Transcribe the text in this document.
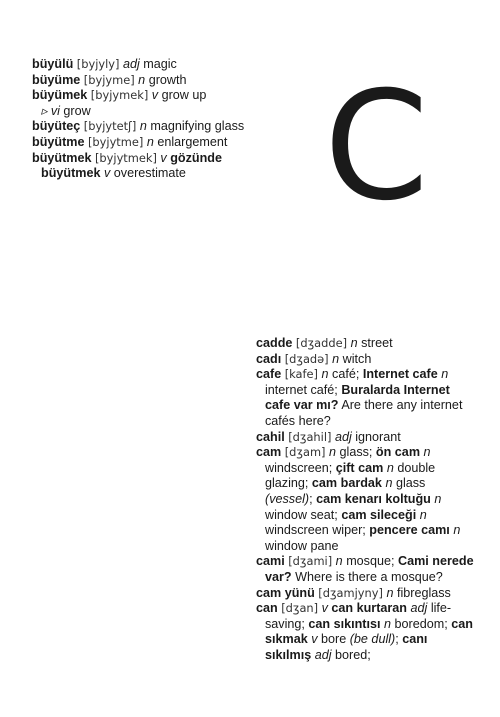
büyülü [byjyly] adj magic
büyüme [byjyme] n growth
büyümek [byjymek] v grow up
▹ vi grow
büyüteç [byjytetʃ] n magnifying glass
büyütme [byjytme] n enlargement
büyütmek [byjytmek] v gözünde büyütmek v overestimate C
cadde [dʒadde] n street
cadı [dʒadə] n witch
cafe [kafe] n café; Internet cafe n internet café; Buralarda Internet cafe var mı? Are there any internet cafés here?
cahil [dʒahil] adj ignorant
cam [dʒam] n glass; ön cam n windscreen; çift cam n double glazing; cam bardak n glass (vessel); cam kenarı koltuğu n window seat; cam sileceği n windscreen wiper; pencere camı n window pane
cami [dʒami] n mosque; Cami nerede var? Where is there a mosque?
cam yünü [dʒamjyny] n fibreglass
can [dʒan] v can kurtaran adj life-saving; can sıkıntısı n boredom; can sıkmak v bore (be dull); canı sıkılmış adj bored;
